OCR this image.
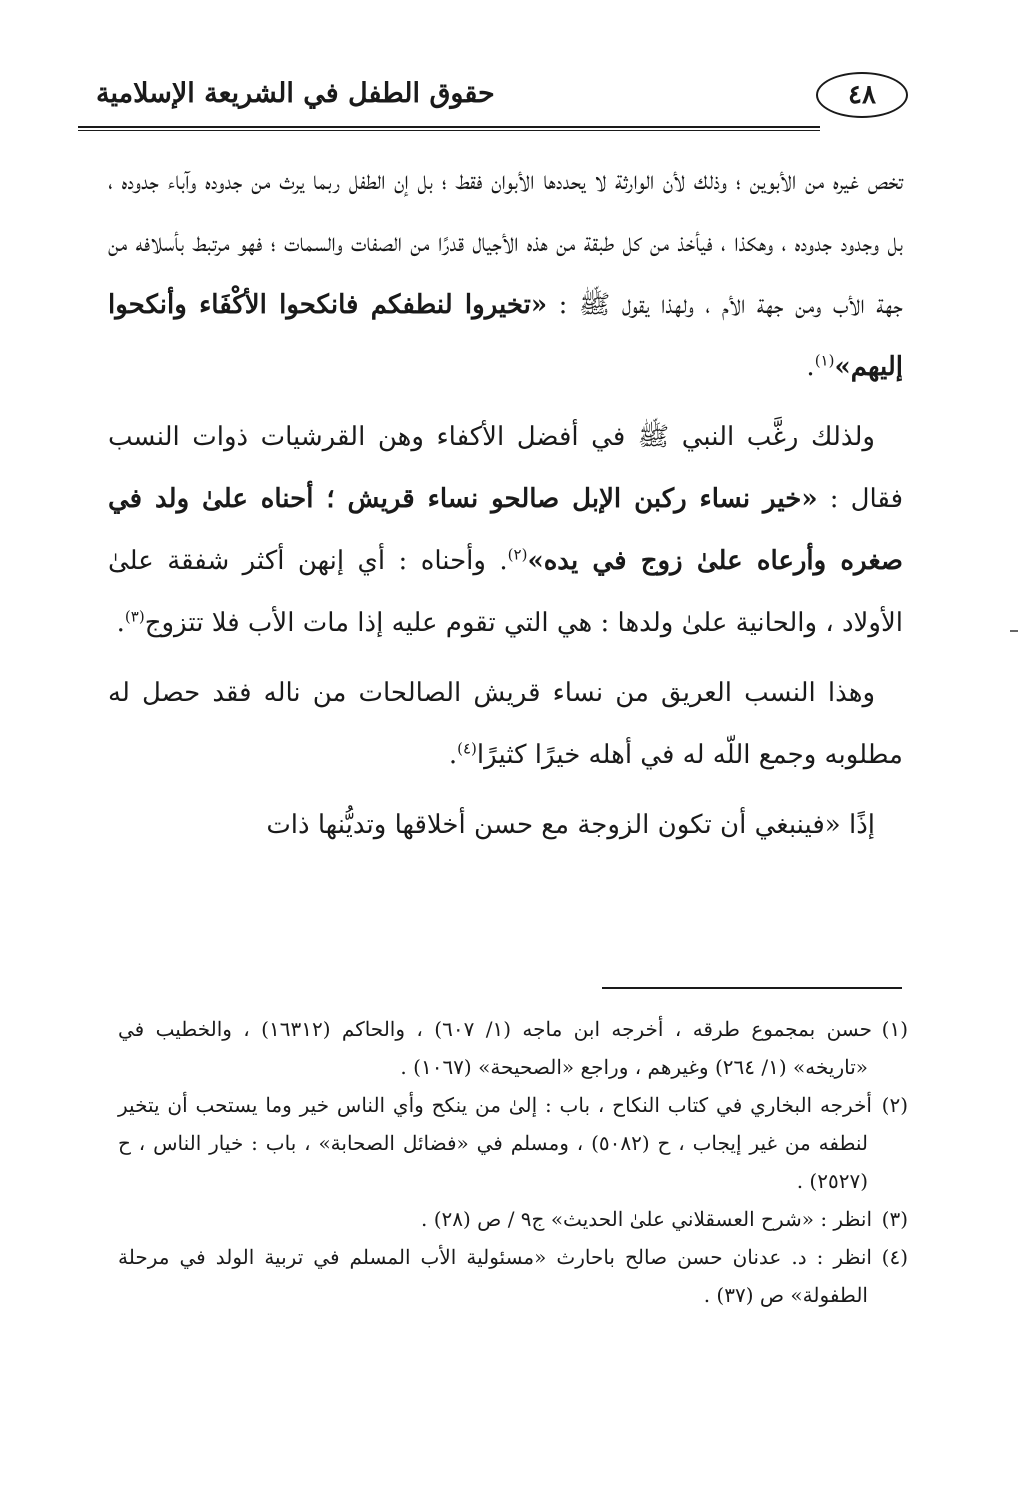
حقوق الطفل في الشريعة الإسلامية	٤٨

تخص غيره من الأبوين ؛ وذلك لأن الوارثة لا يحددها الأبوان فقط ؛ بل إن الطفل ربما يرث من جدوده وآباء جدوده ، بل وجدود جدوده ، وهكذا ، فيأخذ من كل طبقة من هذه الأجيال قدرًا من الصفات والسمات ؛ فهو مرتبط بأسلافه من جهة الأب ومن جهة الأم ، ولهذا يقول ﷺ : «تخيروا لنطفكم فانكحوا الأكْفَاء وأنكحوا إليهم»$^{(١)}$.

ولذلك رغَّب النبي ﷺ في أفضل الأكفاء وهن القرشيات ذوات النسب فقال : «خير نساء ركبن الإبل صالحو نساء قريش ؛ أحناه علىٰ ولد في صغره وأرعاه علىٰ زوج في يده»$^{(٢)}$. وأحناه : أي إنهن أكثر شفقة علىٰ الأولاد ، والحانية علىٰ ولدها : هي التي تقوم عليه إذا مات الأب فلا تتزوج$^{(٣)}$.

وهذا النسب العريق من نساء قريش الصالحات من ناله فقد حصل له مطلوبه وجمع اللّه له في أهله خيرًا كثيرًا$^{(٤)}$.

إذًا «فينبغي أن تكون الزوجة مع حسن أخلاقها وتديُّنها ذات

(١)حسن بمجموع طرقه ، أخرجه ابن ماجه (١/ ٦٠٧) ، والحاكم (١٦٣١٢) ، والخطيب في «تاريخه» (١/ ٢٦٤) وغيرهم ، وراجع «الصحيحة» (١٠٦٧) .

(٢)أخرجه البخاري في كتاب النكاح ، باب : إلىٰ من ينكح وأي الناس خير وما يستحب أن يتخير لنطفه من غير إيجاب ، ح (٥٠٨٢) ، ومسلم في «فضائل الصحابة» ، باب : خيار الناس ، ح (٢٥٢٧) .

(٣)انظر : «شرح العسقلاني علىٰ الحديث» ج٩ / ص (٢٨) .

(٤)انظر : د. عدنان حسن صالح باحارث «مسئولية الأب المسلم في تربية الولد في مرحلة الطفولة» ص (٣٧) .
